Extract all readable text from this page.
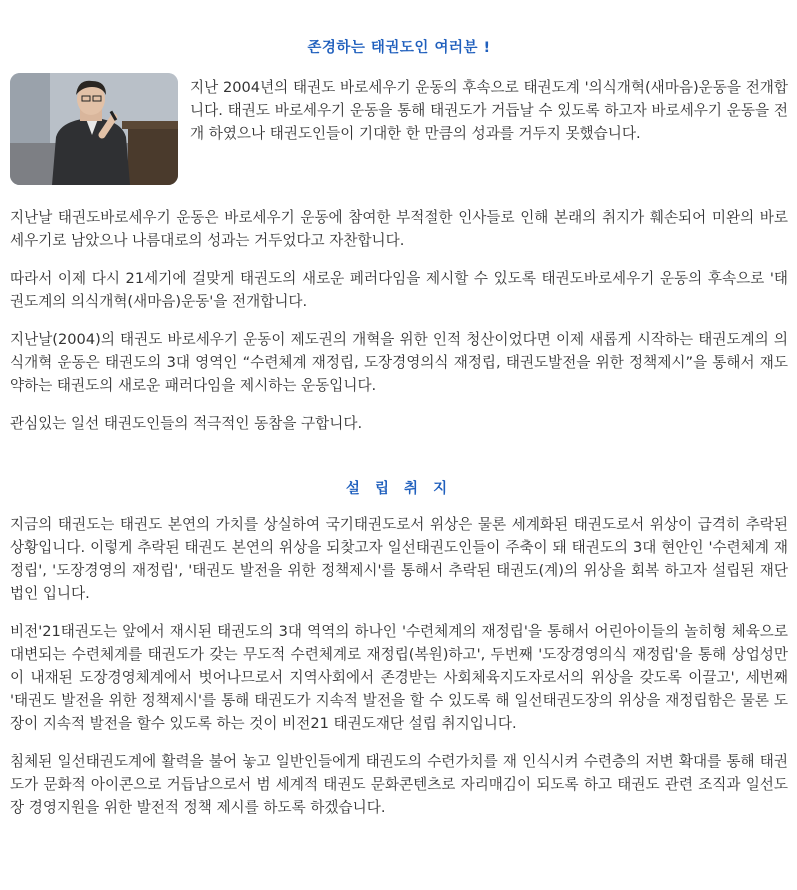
존경하는 태권도인 여러분 !

지난 2004년의 태권도 바로세우기 운동의 후속으로 태권도계 '의식개혁(새마음)운동을 전개합니다. 태권도 바로세우기 운동을 통해 태권도가 거듭날 수 있도록 하고자 바로세우기 운동을 전개 하였으나 태권도인들이 기대한 한 만큼의 성과를 거두지 못했습니다.

지난날 태권도바로세우기 운동은 바로세우기 운동에 참여한 부적절한 인사들로 인해 본래의 취지가 훼손되어 미완의 바로세우기로 남았으나 나름대로의 성과는 거두었다고 자찬합니다.

따라서 이제 다시 21세기에 걸맞게 태권도의 새로운 페러다임을 제시할 수 있도록 태권도바로세우기 운동의 후속으로 '태권도계의 의식개혁(새마음)운동'을 전개합니다.

지난날(2004)의 태권도 바로세우기 운동이 제도권의 개혁을 위한 인적 청산이었다면 이제 새롭게 시작하는 태권도계의 의식개혁 운동은 태권도의 3대 영역인 “수련체계 재정립, 도장경영의식 재정립, 태권도발전을 위한 정책제시”을 통해서 재도약하는 태권도의 새로운 패러다임을 제시하는 운동입니다.

관심있는 일선 태권도인들의 적극적인 동참을 구합니다.

설 립 취 지

지금의 태권도는 태권도 본연의 가치를 상실하여 국기태권도로서 위상은 물론 세계화된 태권도로서 위상이 급격히 추락된 상황입니다. 이렇게 추락된 태권도 본연의 위상을 되찾고자 일선태권도인들이 주축이 돼 태권도의 3대 현안인 '수련체계 재정립', '도장경영의 재정립', '태권도 발전을 위한 정책제시'를 통해서 추락된 태권도(계)의 위상을 회복 하고자 설립된 재단법인 입니다.

비전'21태권도는 앞에서 재시된 태권도의 3대 역역의 하나인 '수련체계의 재정립'을 통해서 어린아이들의 놀히형 체육으로 대변되는 수련체계를 태권도가 갖는 무도적 수련체계로 재정립(복원)하고', 두번째 '도장경영의식 재정립'을 통해 상업성만이 내재된 도장경영체계에서 벗어나므로서 지역사회에서 존경받는 사회체육지도자로서의 위상을 갖도록 이끌고', 세번째 '태권도 발전을 위한 정책제시'를 통해 태권도가 지속적 발전을 할 수 있도록 해 일선태권도장의 위상을 재정립함은 물론 도장이 지속적 발전을 할수 있도록 하는 것이 비전21 태권도재단 설립 취지입니다.

침체된 일선태권도계에 활력을 불어 놓고 일반인들에게 태권도의 수련가치를 재 인식시켜 수련층의 저변 확대를 통해 태권도가 문화적 아이콘으로 거듭남으로서 범 세계적 태권도 문화콘텐츠로 자리매김이 되도록 하고 태권도 관련 조직과 일선도장 경영지원을 위한 발전적 정책 제시를 하도록 하겠습니다.
